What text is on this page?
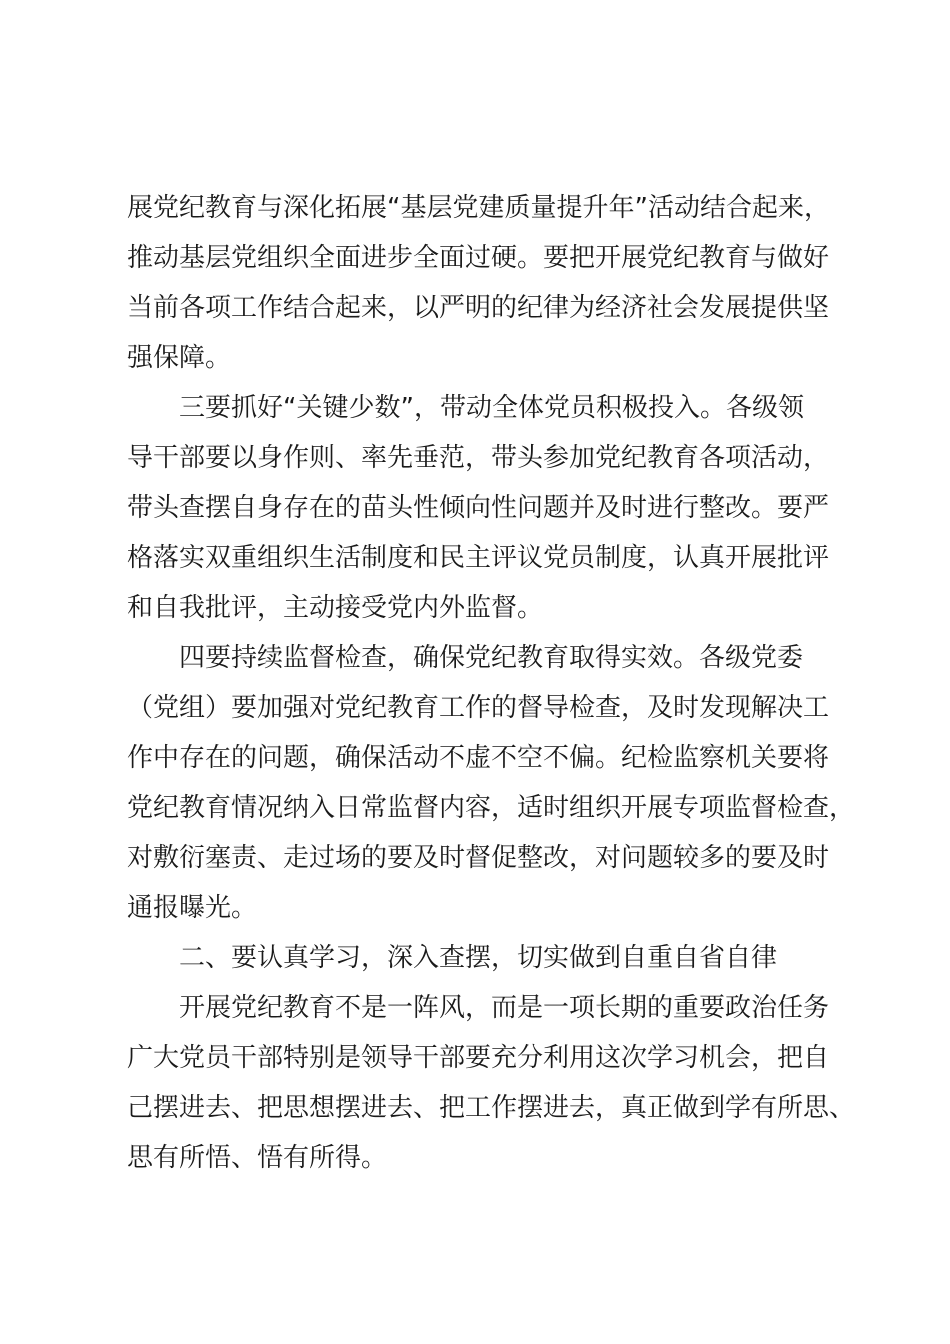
展党纪教育与深化拓展“基层党建质量提升年”活动结合起来，
推动基层党组织全面进步全面过硬。要把开展党纪教育与做好
当前各项工作结合起来，以严明的纪律为经济社会发展提供坚
强保障。
三要抓好“关键少数”，带动全体党员积极投入。各级领
导干部要以身作则、率先垂范，带头参加党纪教育各项活动，
带头查摆自身存在的苗头性倾向性问题并及时进行整改。要严
格落实双重组织生活制度和民主评议党员制度，认真开展批评
和自我批评，主动接受党内外监督。
四要持续监督检查，确保党纪教育取得实效。各级党委
（党组）要加强对党纪教育工作的督导检查，及时发现解决工
作中存在的问题，确保活动不虚不空不偏。纪检监察机关要将
党纪教育情况纳入日常监督内容，适时组织开展专项监督检查，
对敷衍塞责、走过场的要及时督促整改，对问题较多的要及时
通报曝光。
二、要认真学习，深入查摆，切实做到自重自省自律
开展党纪教育不是一阵风，而是一项长期的重要政治任务
广大党员干部特别是领导干部要充分利用这次学习机会，把自
己摆进去、把思想摆进去、把工作摆进去，真正做到学有所思、
思有所悟、悟有所得。
